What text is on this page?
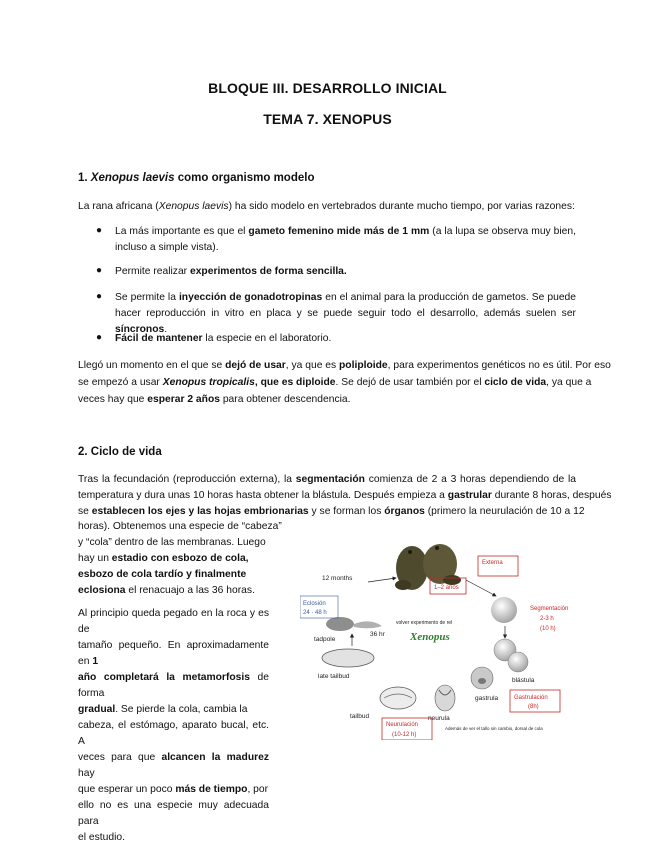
BLOQUE III. DESARROLLO INICIAL
TEMA 7. XENOPUS
1. Xenopus laevis como organismo modelo
La rana africana (Xenopus laevis) ha sido modelo en vertebrados durante mucho tiempo, por varias razones:
●	La más importante es que el gameto femenino mide más de 1 mm (a la lupa se observa muy bien, incluso a simple vista).
●	Permite realizar experimentos de forma sencilla.
●	Se permite la inyección de gonadotropinas en el animal para la producción de gametos. Se puede hacer reproducción in vitro en placa y se puede seguir todo el desarrollo, además suelen ser síncronos.
●	Fácil de mantener la especie en el laboratorio.
Llegó un momento en el que se dejó de usar, ya que es poliploide, para experimentos genéticos no es útil. Por eso
se empezó a usar Xenopus tropicalis, que es diploide. Se dejó de usar también por el ciclo de vida, ya que a
veces hay que esperar 2 años para obtener descendencia.
2. Ciclo de vida
Tras la fecundación (reproducción externa), la segmentación comienza de 2 a 3 horas dependiendo de la
temperatura y dura unas 10 horas hasta obtener la blástula. Después empieza a gastrular durante 8 horas, después
se establecen los ejes y las hojas embrionarias y se forman los órganos (primero la neurulación de 10 a 12
horas). Obtenemos una especie de “cabeza”
y “cola” dentro de las membranas. Luego
hay un estadio con esbozo de cola,
esbozo de cola tardío y finalmente
eclosiona el renacuajo a las 36 horas.
Al principio queda pegado en la roca y es de
tamaño pequeño. En aproximadamente en 1
año completará la metamorfosis de forma
gradual. Se pierde la cola, cambia la
cabeza, el estómago, aparato bucal, etc. A
veces para que alcancen la madurez hay
que esperar un poco más de tiempo, por
ello no es una especie muy adecuada para
el estudio.
12 months
1–2 años
Externa
Segmentación
2-3 h
(10 h)
blástula
gastrula	Gastrulación
(8h)
neurula
Neurulación
(10-12 h)
Además de ver el tallo sin cambio, dorsal de cola
tailbud
late tailbud
36 hr
tadpole
Eclosión
24 · 48 h
volver experimento de rel
Xenopus
